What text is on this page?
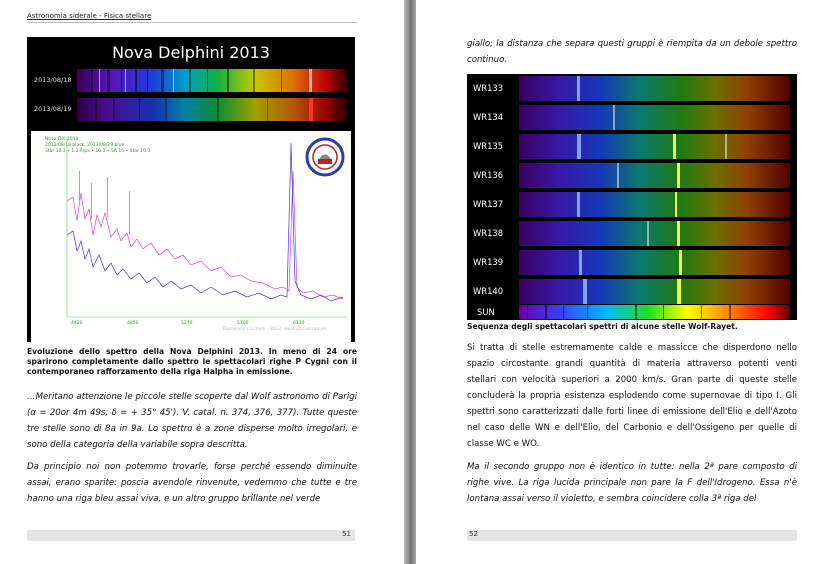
Astronomia siderale - Fisica stellare
Nova Delphini 2013
2013/08/18
2013/08/19
Nova Del 2013
2013/08/18 black, 2013/08/19 blue
Star 10.3 • 1.2 Å/px • 10.1 • SA 15 • Star 10.3
4420	4850	5270	5700	6130
Domenico Licchelli - 2013, www.DLCosmos.eu
Evoluzione dello spettro della Nova Delphini 2013. In meno di 24 ore sparirono completamente dallo spettro le spettacolari righe P Cygni con il contemporaneo rafforzamento della riga Halpha in emissione.
…Meritano attenzione le piccole stelle scoperte dal Wolf astronomo di Parigi (α = 20or 4m 49s; δ = + 35° 45'). V. catal. n. 374, 376, 377). Tutte queste tre stelle sono di 8a in 9a. Lo spettro è a zone disperse molto irregolari, e sono della categoria della variabile sopra descritta.
Da principio noi non potemmo trovarle, forse perché essendo diminuite assai, erano sparite: poscia avendole rinvenute, vedemmo che tutte e tre hanno una riga bleu assai viva, e un altro gruppo brillante nel verde
51
giallo; la distanza che separa questi gruppi è riempita da un debole spettro continuo.
WR133
WR134
WR135
WR136
WR137
WR138
WR139
WR140
SUN
Sequenza degli spettacolari spettri di alcune stelle Wolf-Rayet.
Si tratta di stelle estremamente calde e massicce che disperdono nello spazio circostante grandi quantità di materia attraverso potenti venti stellari con velocità superiori a 2000 km/s. Gran parte di queste stelle concluderà la propria esistenza esplodendo come supernovae di tipo I. Gli spettri sono caratterizzati dalle forti linee di emissione dell'Elio e dell'Azoto nel caso delle WN e dell'Elio, del Carbonio e dell'Ossigeno per quelle di classe WC e WO.
Ma il secondo gruppo non è identico in tutte: nella 2ª pare composto di righe vive. La riga lucida principale non pare la F dell'Idrogeno. Essa n'è lontana assai verso il violetto, e sembra coincidere colla 3ª riga del
52
